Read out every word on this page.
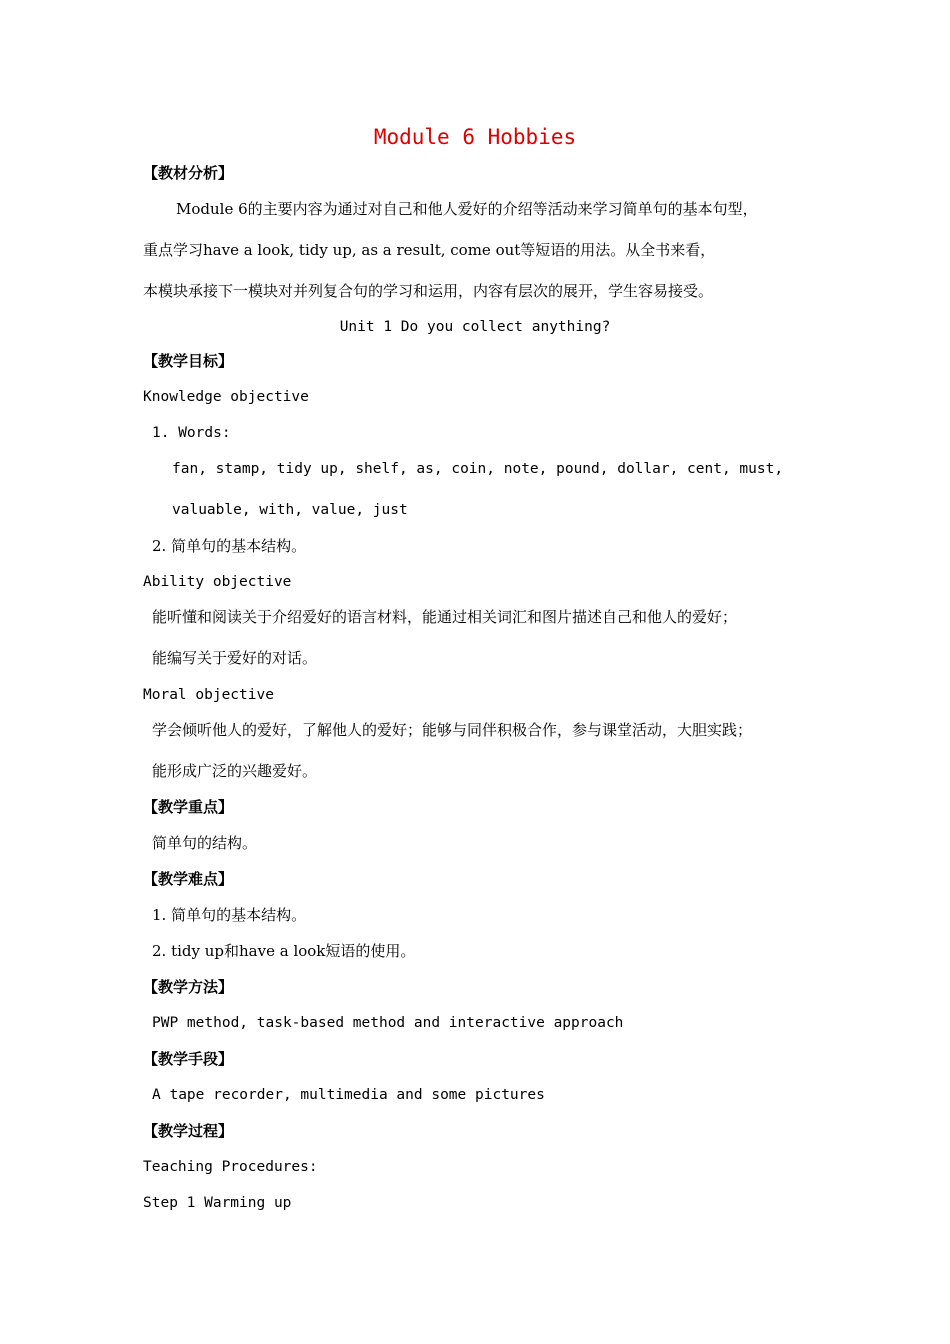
Module 6 Hobbies
【教材分析】
Module 6的主要内容为通过对自己和他人爱好的介绍等活动来学习简单句的基本句型，
重点学习have a look, tidy up, as a result, come out等短语的用法。从全书来看，
本模块承接下一模块对并列复合句的学习和运用，内容有层次的展开，学生容易接受。
Unit 1 Do you collect anything?
【教学目标】
Knowledge objective
1. Words:
fan, stamp, tidy up, shelf, as, coin, note, pound, dollar, cent, must,
valuable, with, value, just
2. 简单句的基本结构。
Ability objective
能听懂和阅读关于介绍爱好的语言材料，能通过相关词汇和图片描述自己和他人的爱好；
能编写关于爱好的对话。
Moral objective
学会倾听他人的爱好，了解他人的爱好；能够与同伴积极合作，参与课堂活动，大胆实践；
能形成广泛的兴趣爱好。
【教学重点】
简单句的结构。
【教学难点】
1. 简单句的基本结构。
2. tidy up和have a look短语的使用。
【教学方法】
PWP method, task-based method and interactive approach
【教学手段】
A tape recorder, multimedia and some pictures
【教学过程】
Teaching Procedures:
Step 1 Warming up
